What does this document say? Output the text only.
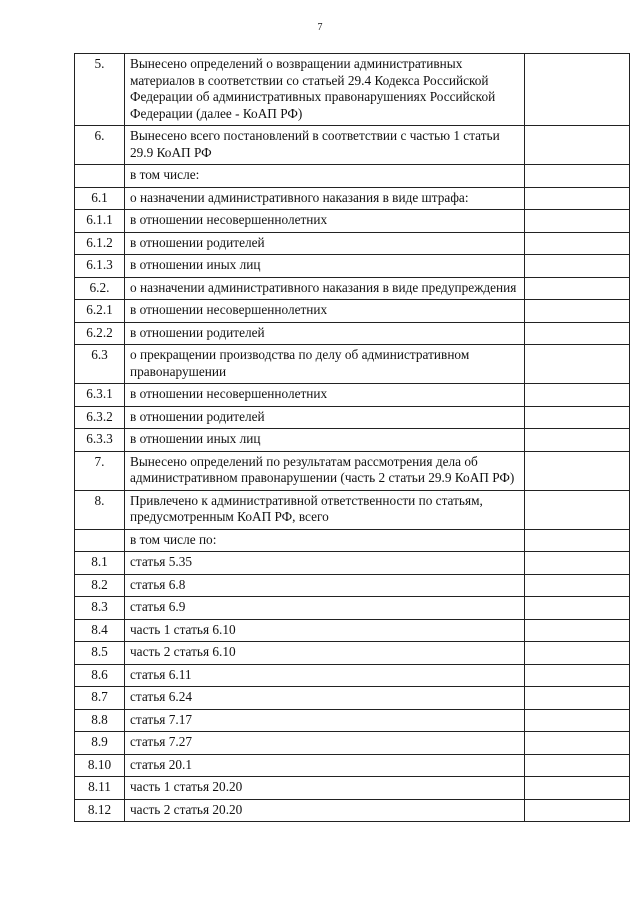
7
5.	Вынесено определений о возвращении административных материалов в соответствии со статьей 29.4 Кодекса Российской Федерации об административных правонарушениях Российской Федерации (далее - КоАП РФ)	
6.	Вынесено всего постановлений в соответствии с частью 1 статьи 29.9 КоАП РФ	
	в том числе:	
6.1	о назначении административного наказания в виде штрафа:	
6.1.1	в отношении несовершеннолетних	
6.1.2	в отношении родителей	
6.1.3	в отношении иных лиц	
6.2.	о назначении административного наказания в виде предупреждения	
6.2.1	в отношении несовершеннолетних	
6.2.2	в отношении родителей	
6.3	о прекращении производства по делу об административном правонарушении	
6.3.1	в отношении несовершеннолетних	
6.3.2	в отношении родителей	
6.3.3	в отношении иных лиц	
7.	Вынесено определений по результатам рассмотрения дела об административном правонарушении (часть 2 статьи 29.9 КоАП РФ)	
8.	Привлечено к административной ответственности по статьям, предусмотренным КоАП РФ, всего	
	в том числе по:	
8.1	статья 5.35	
8.2	статья 6.8	
8.3	статья 6.9	
8.4	часть 1 статья 6.10	
8.5	часть 2 статья 6.10	
8.6	статья 6.11	
8.7	статья 6.24	
8.8	статья 7.17	
8.9	статья 7.27	
8.10	статья 20.1	
8.11	часть 1 статья 20.20	
8.12	часть 2 статья 20.20	
